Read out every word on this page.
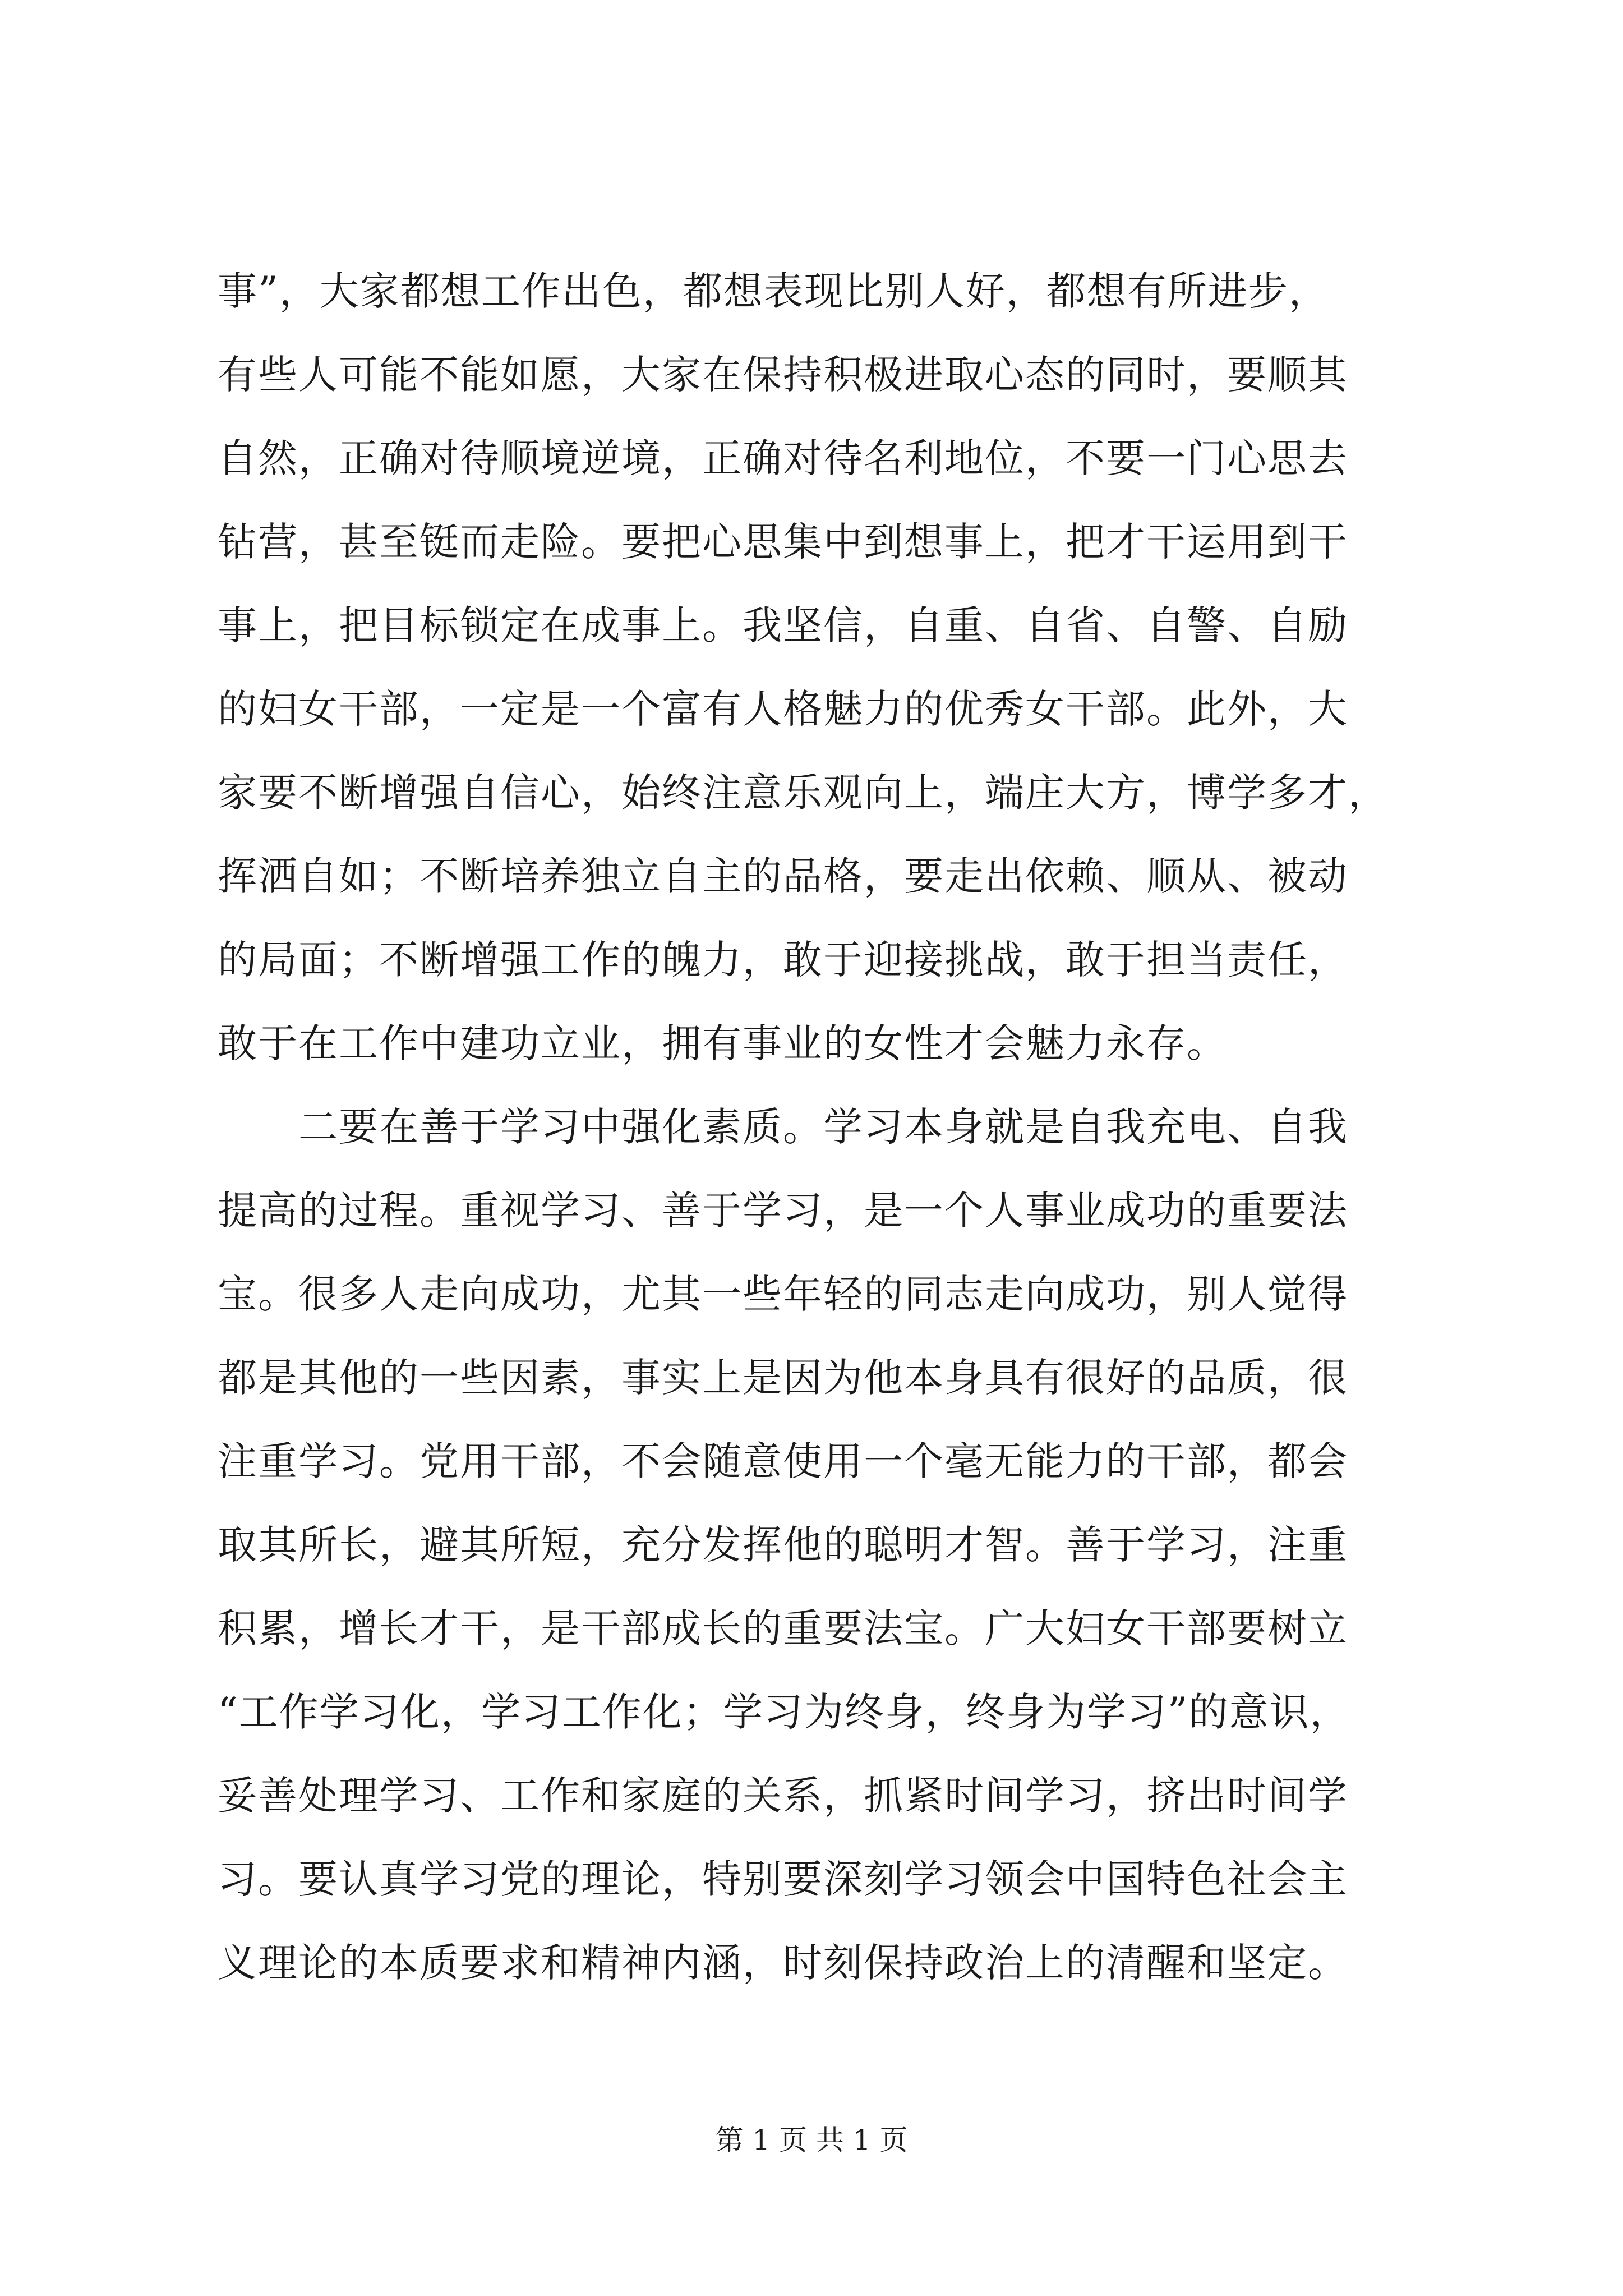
事”，大家都想工作出色，都想表现比别人好，都想有所进步，
有些人可能不能如愿，大家在保持积极进取心态的同时，要顺其
自然，正确对待顺境逆境，正确对待名利地位，不要一门心思去
钻营，甚至铤而走险。要把心思集中到想事上，把才干运用到干
事上，把目标锁定在成事上。我坚信，自重、自省、自警、自励
的妇女干部，一定是一个富有人格魅力的优秀女干部。此外，大
家要不断增强自信心，始终注意乐观向上，端庄大方，博学多才，
挥洒自如；不断培养独立自主的品格，要走出依赖、顺从、被动
的局面；不断增强工作的魄力，敢于迎接挑战，敢于担当责任，
敢于在工作中建功立业，拥有事业的女性才会魅力永存。
　　二要在善于学习中强化素质。学习本身就是自我充电、自我
提高的过程。重视学习、善于学习，是一个人事业成功的重要法
宝。很多人走向成功，尤其一些年轻的同志走向成功，别人觉得
都是其他的一些因素，事实上是因为他本身具有很好的品质，很
注重学习。党用干部，不会随意使用一个毫无能力的干部，都会
取其所长，避其所短，充分发挥他的聪明才智。善于学习，注重
积累，增长才干，是干部成长的重要法宝。广大妇女干部要树立
“工作学习化，学习工作化；学习为终身，终身为学习”的意识，
妥善处理学习、工作和家庭的关系，抓紧时间学习，挤出时间学
习。要认真学习党的理论，特别要深刻学习领会中国特色社会主
义理论的本质要求和精神内涵，时刻保持政治上的清醒和坚定。
第 1 页 共 1 页
